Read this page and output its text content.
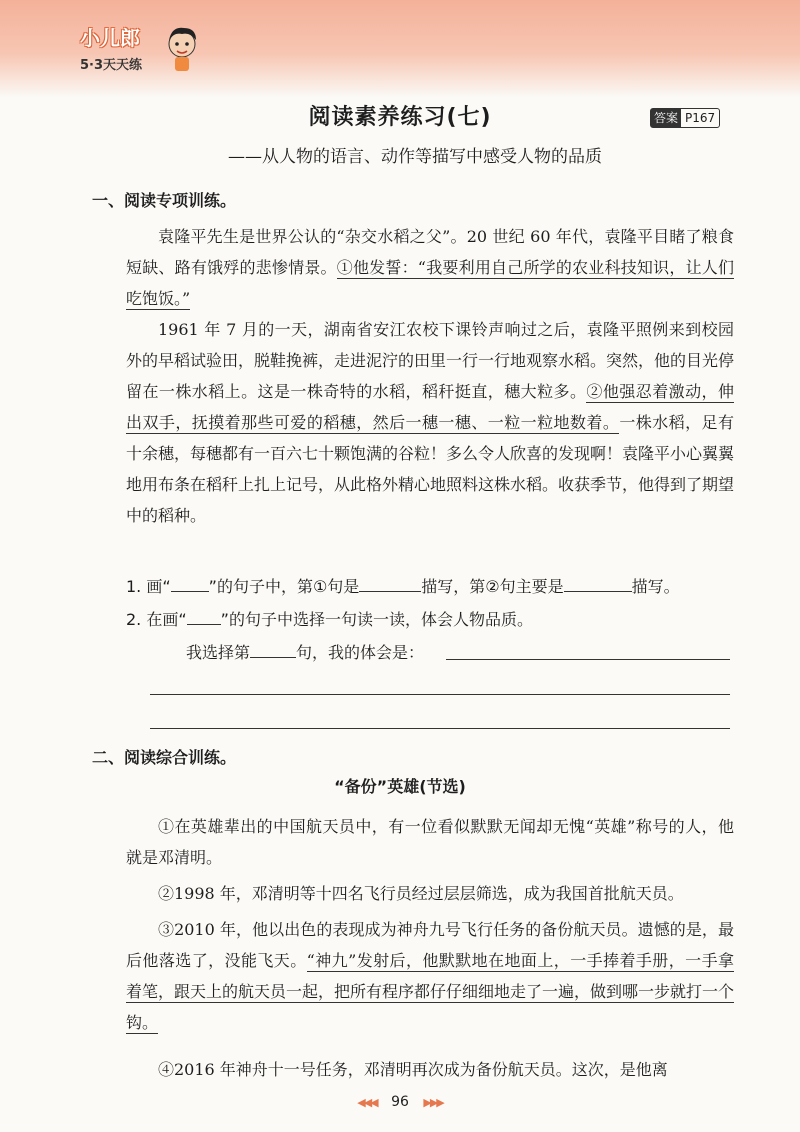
小儿郎
5·3天天练
阅读素养练习(七)	答案 P167
——从人物的语言、动作等描写中感受人物的品质
一、阅读专项训练。
袁隆平先生是世界公认的“杂交水稻之父”。20 世纪 60 年代，袁隆平目睹了粮食短缺、路有饿殍的悲惨情景。①他发誓：“我要利用自己所学的农业科技知识，让人们吃饱饭。”
1961 年 7 月的一天，湖南省安江农校下课铃声响过之后，袁隆平照例来到校园外的早稻试验田，脱鞋挽裤，走进泥泞的田里一行一行地观察水稻。突然，他的目光停留在一株水稻上。这是一株奇特的水稻，稻秆挺直，穗大粒多。②他强忍着激动，伸出双手，抚摸着那些可爱的稻穗，然后一穗一穗、一粒一粒地数着。一株水稻，足有十余穗，每穗都有一百六七十颗饱满的谷粒！多么令人欣喜的发现啊！袁隆平小心翼翼地用布条在稻秆上扎上记号，从此格外精心地照料这株水稻。收获季节，他得到了期望中的稻种。
1. 画“ ”的句子中，第①句是	描写，第②句主要是	描写。
2. 在画“ ”的句子中选择一句读一读，体会人物品质。
我选择第	句，我的体会是：
二、阅读综合训练。
“备份”英雄(节选)
①在英雄辈出的中国航天员中，有一位看似默默无闻却无愧“英雄”称号的人，他就是邓清明。
②1998 年，邓清明等十四名飞行员经过层层筛选，成为我国首批航天员。
③2010 年，他以出色的表现成为神舟九号飞行任务的备份航天员。遗憾的是，最后他落选了，没能飞天。“神九”发射后，他默默地在地面上，一手捧着手册，一手拿着笔，跟天上的航天员一起，把所有程序都仔仔细细地走了一遍，做到哪一步就打一个钩。
④2016 年神舟十一号任务，邓清明再次成为备份航天员。这次，是他离
◀◀◀ 96 ▶▶▶
